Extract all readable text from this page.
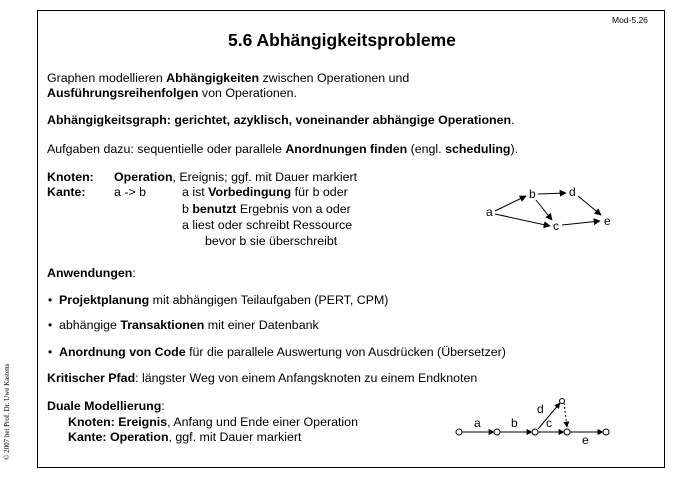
Mod-5.26
5.6 Abhängigkeitsprobleme
Graphen modellieren Abhängigkeiten zwischen Operationen und
Ausführungsreihenfolgen von Operationen.
Abhängigkeitsgraph: gerichtet, azyklisch, voneinander abhängige Operationen.
Aufgaben dazu: sequentielle oder parallele Anordnungen finden (engl. scheduling).
Knoten: Operation, Ereignis; ggf. mit Dauer markiert
Kante: a -> b	a ist Vorbedingung für b oder
b benutzt Ergebnis von a oder
a liest oder schreibt Ressource
bevor b sie überschreibt
a
b	d
c	e
Anwendungen:
• Projektplanung mit abhängigen Teilaufgaben (PERT, CPM)
• abhängige Transaktionen mit einer Datenbank
• Anordnung von Code für die parallele Auswertung von Ausdrücken (Übersetzer)
Kritischer Pfad: längster Weg von einem Anfangsknoten zu einem Endknoten
Duale Modellierung:
Knoten: Ereignis, Anfang und Ende einer Operation
Kante: Operation, ggf. mit Dauer markiert
a	b
d
c
e
© 2007 bei Prof. Dr. Uwe Kastens
